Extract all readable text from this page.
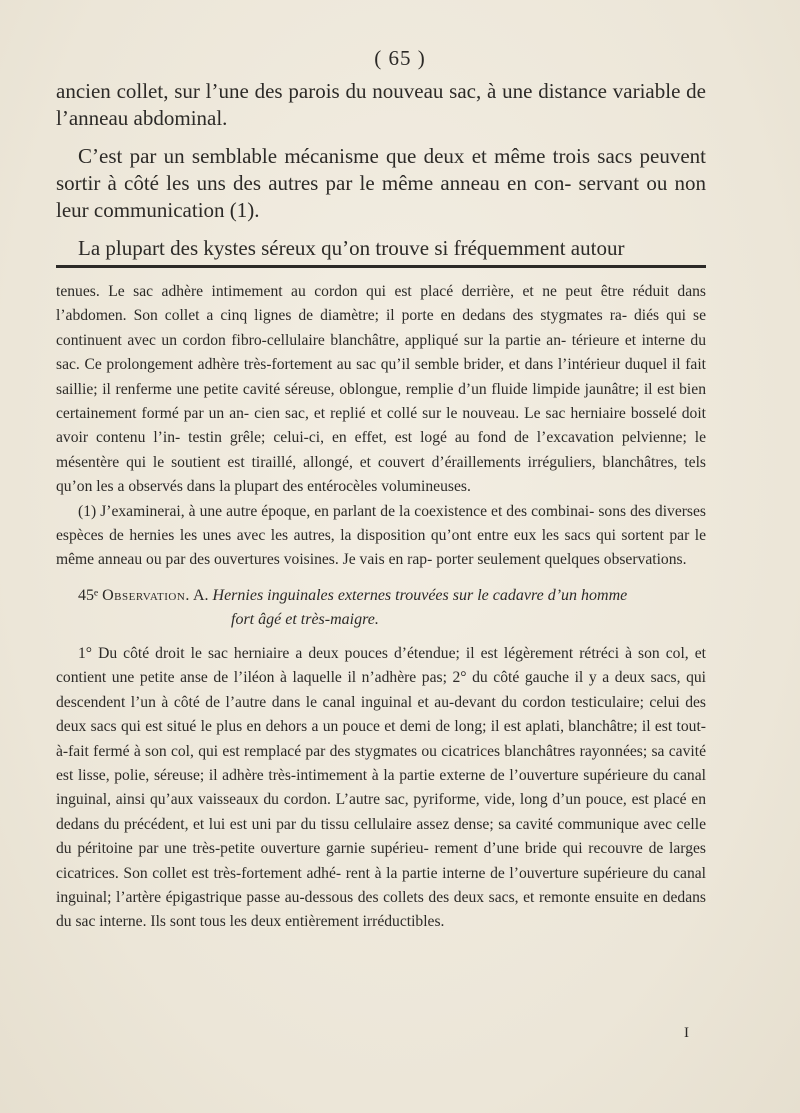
( 65 )

ancien collet, sur l’une des parois du nouveau sac, à une distance variable de l’anneau abdominal.

C’est par un semblable mécanisme que deux et même trois sacs peuvent sortir à côté les uns des autres par le même anneau en con- servant ou non leur communication (1).

La plupart des kystes séreux qu’on trouve si fréquemment autour

tenues. Le sac adhère intimement au cordon qui est placé derrière, et ne peut être réduit dans l’abdomen. Son collet a cinq lignes de diamètre; il porte en dedans des stygmates ra- diés qui se continuent avec un cordon fibro-cellulaire blanchâtre, appliqué sur la partie an- térieure et interne du sac. Ce prolongement adhère très-fortement au sac qu’il semble brider, et dans l’intérieur duquel il fait saillie; il renferme une petite cavité séreuse, oblongue, remplie d’un fluide limpide jaunâtre; il est bien certainement formé par un an- cien sac, et replié et collé sur le nouveau. Le sac herniaire bosselé doit avoir contenu l’in- testin grêle; celui-ci, en effet, est logé au fond de l’excavation pelvienne; le mésentère qui le soutient est tiraillé, allongé, et couvert d’éraillements irréguliers, blanchâtres, tels qu’on les a observés dans la plupart des entérocèles volumineuses.

(1) J’examinerai, à une autre époque, en parlant de la coexistence et des combinai- sons des diverses espèces de hernies les unes avec les autres, la disposition qu’ont entre eux les sacs qui sortent par le même anneau ou par des ouvertures voisines. Je vais en rap- porter seulement quelques observations.

45ᵉ Observation. A. Hernies inguinales externes trouvées sur le cadavre d’un homme

fort âgé et très-maigre.

1° Du côté droit le sac herniaire a deux pouces d’étendue; il est légèrement rétréci à son col, et contient une petite anse de l’iléon à laquelle il n’adhère pas; 2° du côté gauche il y a deux sacs, qui descendent l’un à côté de l’autre dans le canal inguinal et au-devant du cordon testiculaire; celui des deux sacs qui est situé le plus en dehors a un pouce et demi de long; il est aplati, blanchâtre; il est tout-à-fait fermé à son col, qui est remplacé par des stygmates ou cicatrices blanchâtres rayonnées; sa cavité est lisse, polie, séreuse; il adhère très-intimement à la partie externe de l’ouverture supérieure du canal inguinal, ainsi qu’aux vaisseaux du cordon. L’autre sac, pyriforme, vide, long d’un pouce, est placé en dedans du précédent, et lui est uni par du tissu cellulaire assez dense; sa cavité communique avec celle du péritoine par une très-petite ouverture garnie supérieu- rement d’une bride qui recouvre de larges cicatrices. Son collet est très-fortement adhé- rent à la partie interne de l’ouverture supérieure du canal inguinal; l’artère épigastrique passe au-dessous des collets des deux sacs, et remonte ensuite en dedans du sac interne. Ils sont tous les deux entièrement irréductibles.

I
